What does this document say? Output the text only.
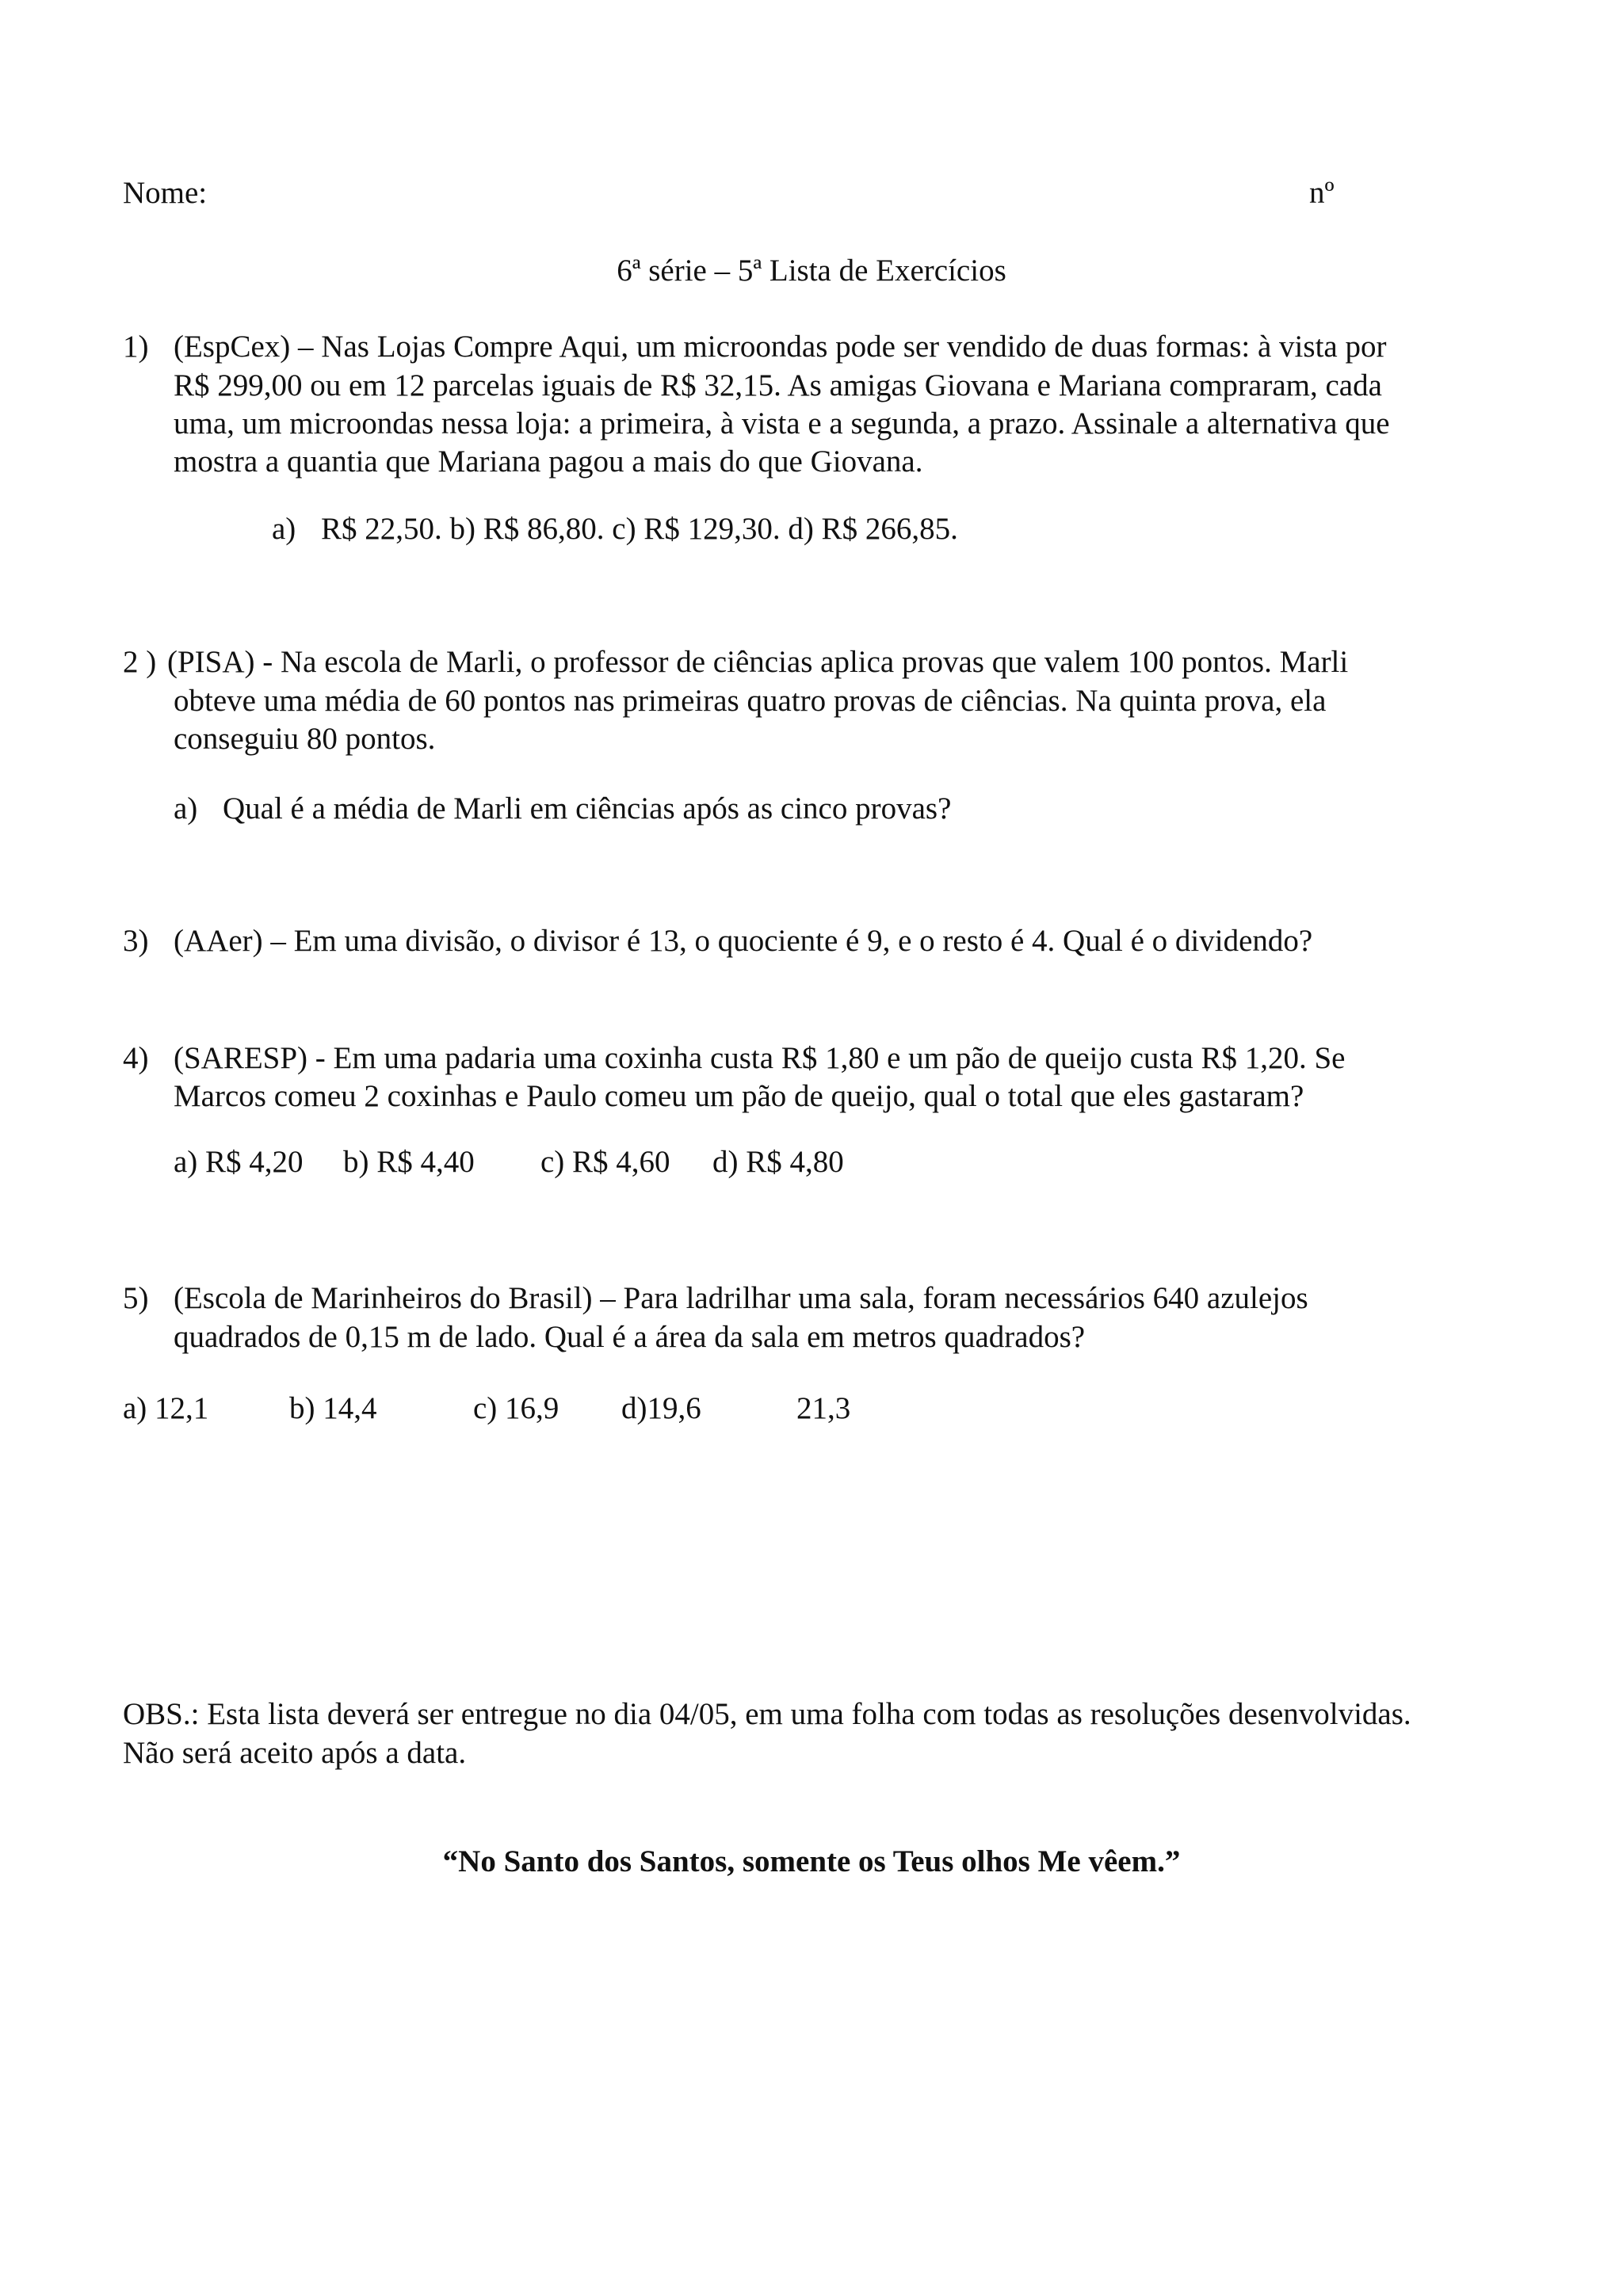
Nome:	nº
6ª série – 5ª Lista de Exercícios
1) (EspCex) – Nas Lojas Compre Aqui, um microondas pode ser vendido de duas formas: à vista por
R$ 299,00 ou em 12 parcelas iguais de R$ 32,15. As amigas Giovana e Mariana compraram, cada
uma, um microondas nessa loja: a primeira, à vista e a segunda, a prazo. Assinale a alternativa que
mostra a quantia que Mariana pagou a mais do que Giovana.
a) R$ 22,50. b) R$ 86,80. c) R$ 129,30. d) R$ 266,85.
2 ) (PISA) - Na escola de Marli, o professor de ciências aplica provas que valem 100 pontos. Marli
obteve uma média de 60 pontos nas primeiras quatro provas de ciências. Na quinta prova, ela
conseguiu 80 pontos.
a) Qual é a média de Marli em ciências após as cinco provas?
3) (AAer) – Em uma divisão, o divisor é 13, o quociente é 9, e o resto é 4. Qual é o dividendo?
4) (SARESP) - Em uma padaria uma coxinha custa R$ 1,80 e um pão de queijo custa R$ 1,20. Se
Marcos comeu 2 coxinhas e Paulo comeu um pão de queijo, qual o total que eles gastaram?
a) R$ 4,20 b) R$ 4,40 c) R$ 4,60 d) R$ 4,80
5) (Escola de Marinheiros do Brasil) – Para ladrilhar uma sala, foram necessários 640 azulejos
quadrados de 0,15 m de lado. Qual é a área da sala em metros quadrados?
a) 12,1	b) 14,4	c) 16,9 d)19,6	21,3
OBS.: Esta lista deverá ser entregue no dia 04/05, em uma folha com todas as resoluções desenvolvidas.
Não será aceito após a data.
“No Santo dos Santos, somente os Teus olhos Me vêem.”
